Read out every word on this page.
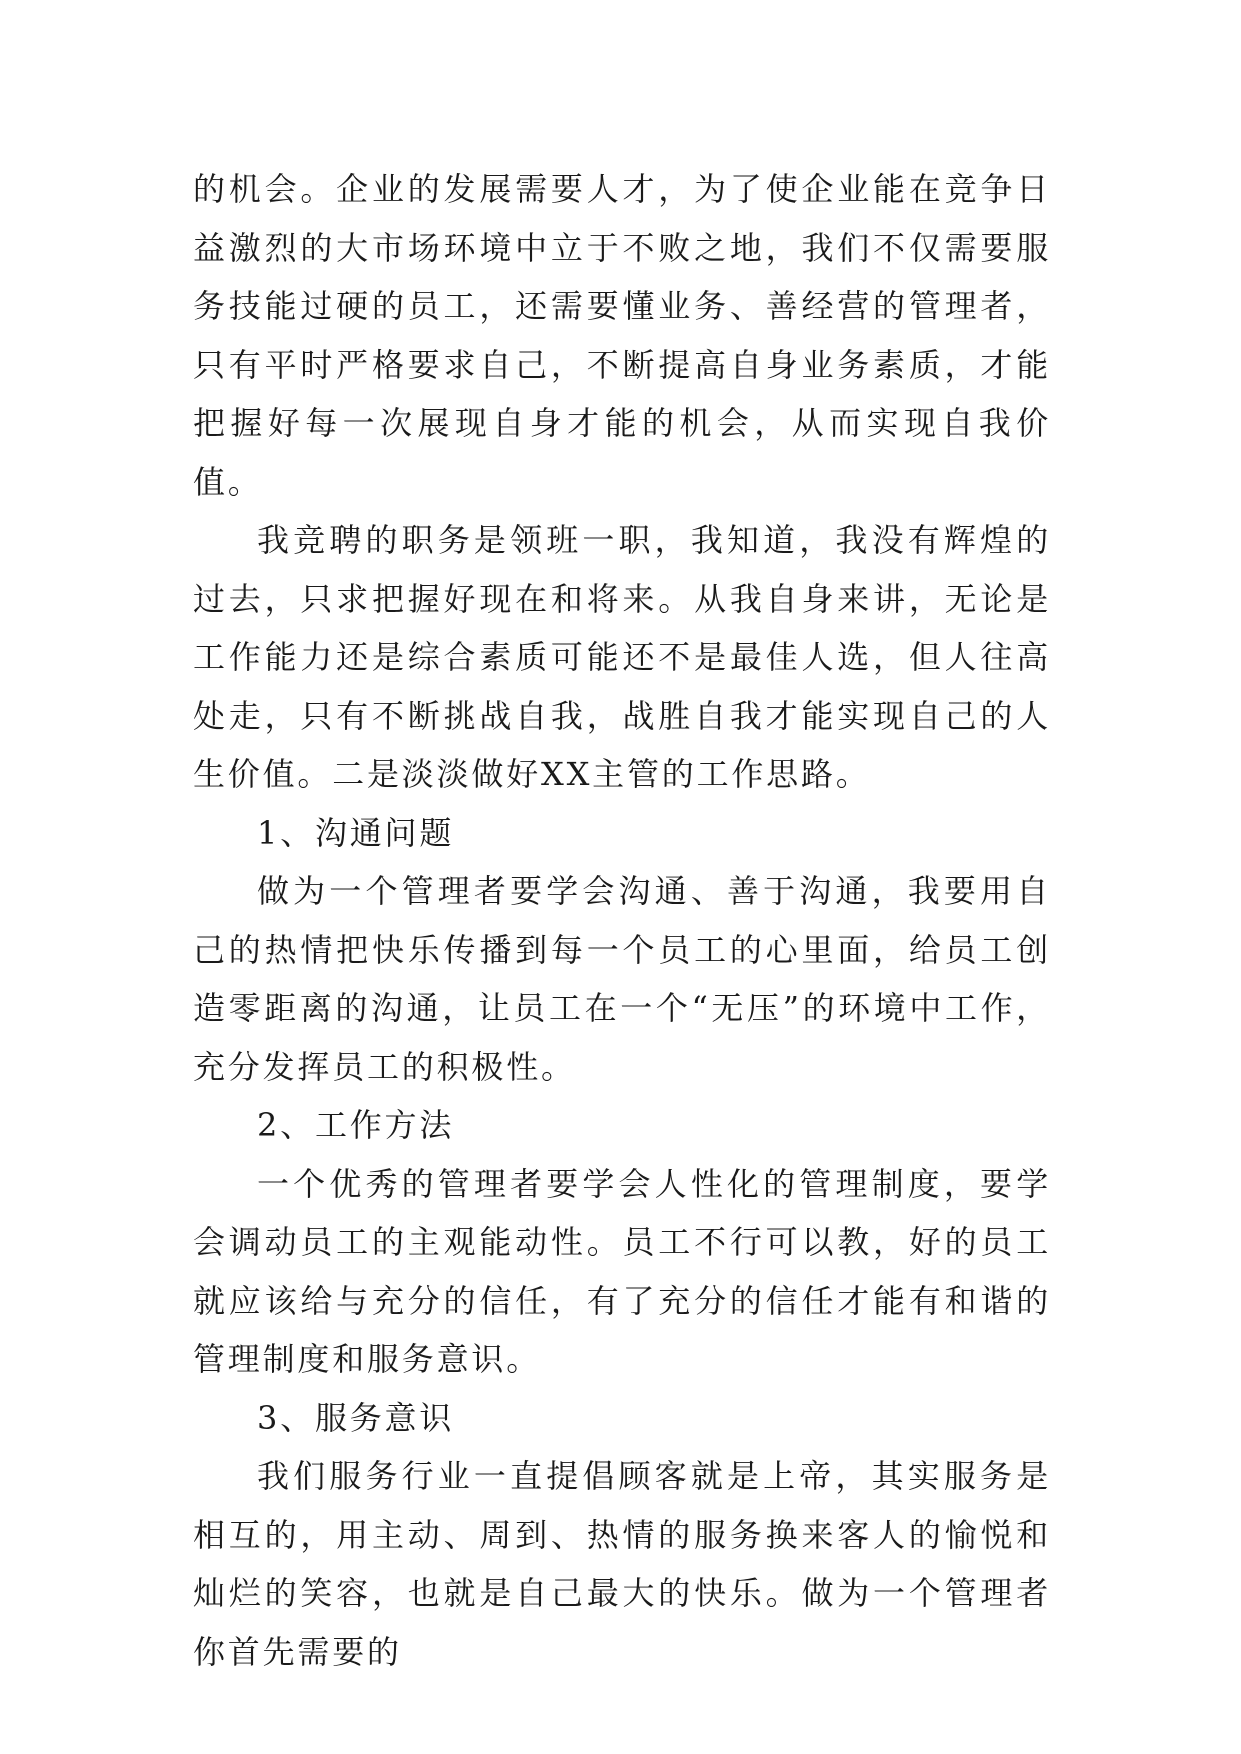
的机会。企业的发展需要人才，为了使企业能在竞争日益激烈的大市场环境中立于不败之地，我们不仅需要服务技能过硬的员工，还需要懂业务、善经营的管理者，只有平时严格要求自己，不断提高自身业务素质，才能把握好每一次展现自身才能的机会，从而实现自我价值。

我竞聘的职务是领班一职，我知道，我没有辉煌的过去，只求把握好现在和将来。从我自身来讲，无论是工作能力还是综合素质可能还不是最佳人选，但人往高处走，只有不断挑战自我，战胜自我才能实现自己的人生价值。二是淡淡做好XX主管的工作思路。

1、沟通问题

做为一个管理者要学会沟通、善于沟通，我要用自己的热情把快乐传播到每一个员工的心里面，给员工创造零距离的沟通，让员工在一个“无压”的环境中工作，充分发挥员工的积极性。

2、工作方法

一个优秀的管理者要学会人性化的管理制度，要学会调动员工的主观能动性。员工不行可以教，好的员工就应该给与充分的信任，有了充分的信任才能有和谐的管理制度和服务意识。

3、服务意识

我们服务行业一直提倡顾客就是上帝，其实服务是相互的，用主动、周到、热情的服务换来客人的愉悦和灿烂的笑容，也就是自己最大的快乐。做为一个管理者你首先需要的
